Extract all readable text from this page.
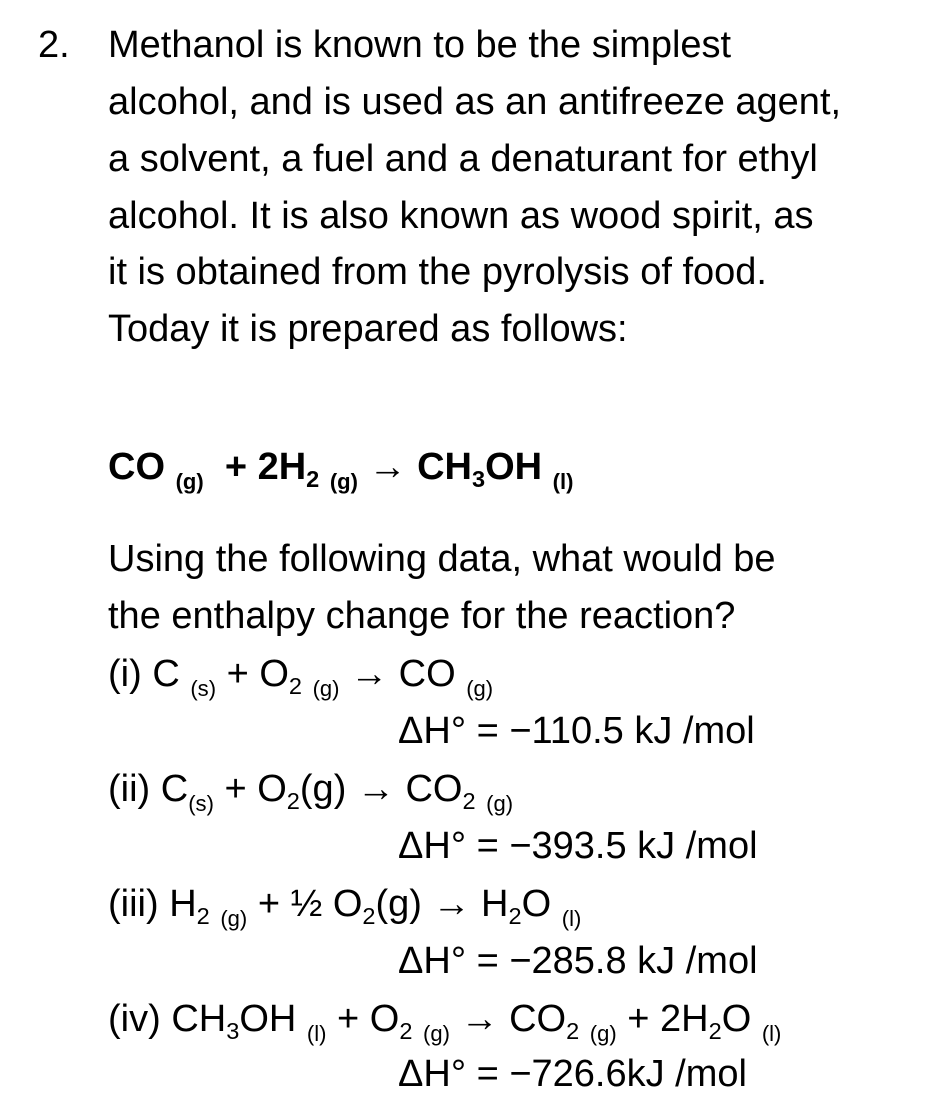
2. Methanol is known to be the simplest
alcohol, and is used as an antifreeze agent,
a solvent, a fuel and a denaturant for ethyl
alcohol. It is also known as wood spirit, as
it is obtained from the pyrolysis of food.
Today it is prepared as follows:
CO $_{(g)} + 2H_2$ $_{(g)} \to CH_3OH$ $_{(l)}$
Using the following data, what would be
the enthalpy change for the reaction?
(i) C $_{(s)} + O_2$ $_{(g)}$ → CO $_{(g)}$
ΔH° = −110.5 kJ /mol
(ii) $C_{(s)} + O_2(g) \to CO_2$ $_{(g)}$
ΔH° = −393.5 kJ /mol
(iii) $H_2$ $_{(g)}$ + ½ $O_2(g) \to H_2O$ $_{(l)}$
ΔH° = −285.8 kJ /mol
(iv) $CH_3OH$ $_{(l)} + O_2$ $_{(g)} \to CO_2$ $_{(g)} + 2H_2O$ $_{(l)}$
ΔH° = −726.6kJ /mol
